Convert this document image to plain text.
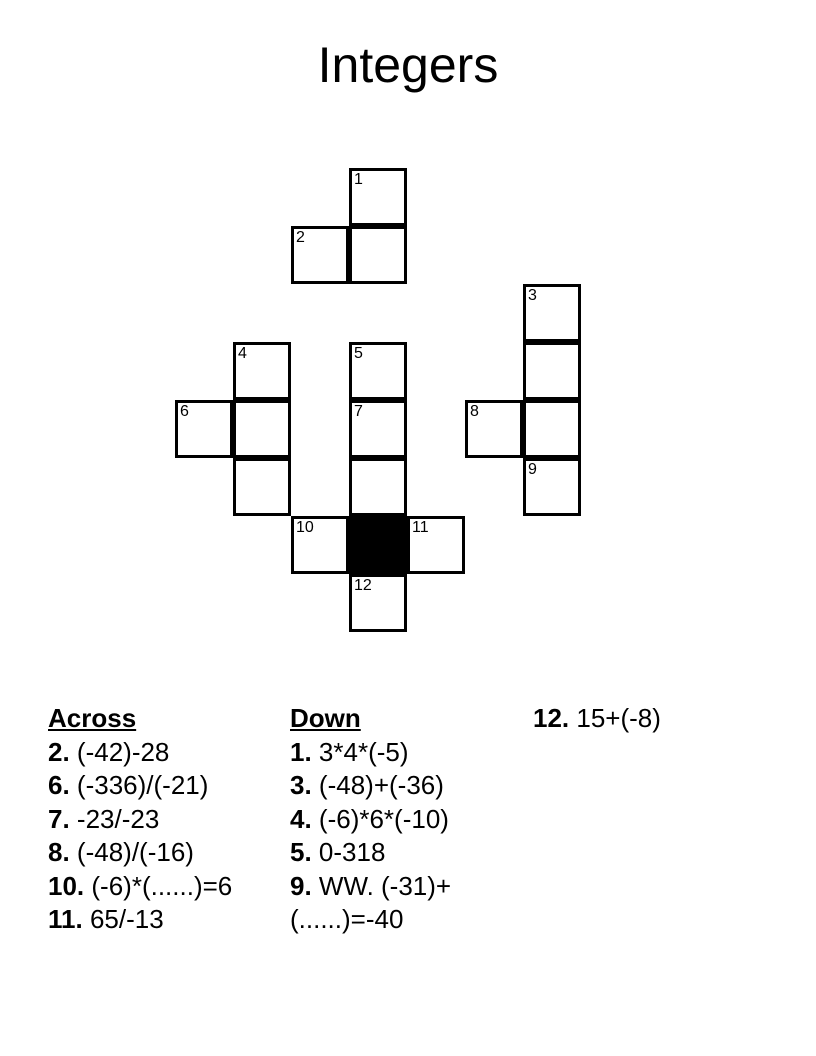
Integers
1
2
3
4	5
6	7	8
9
10	11
12
Across

2. (-42)-28

6. (-336)/(-21)

7. -23/-23

8. (-48)/(-16)

10. (-6)*(......)=6

11. 65/-13

Down

1. 3*4*(-5)

3. (-48)+(-36)

4. (-6)*6*(-10)

5. 0-318

9. WW. (-31)+(......)=-40

12. 15+(-8)
